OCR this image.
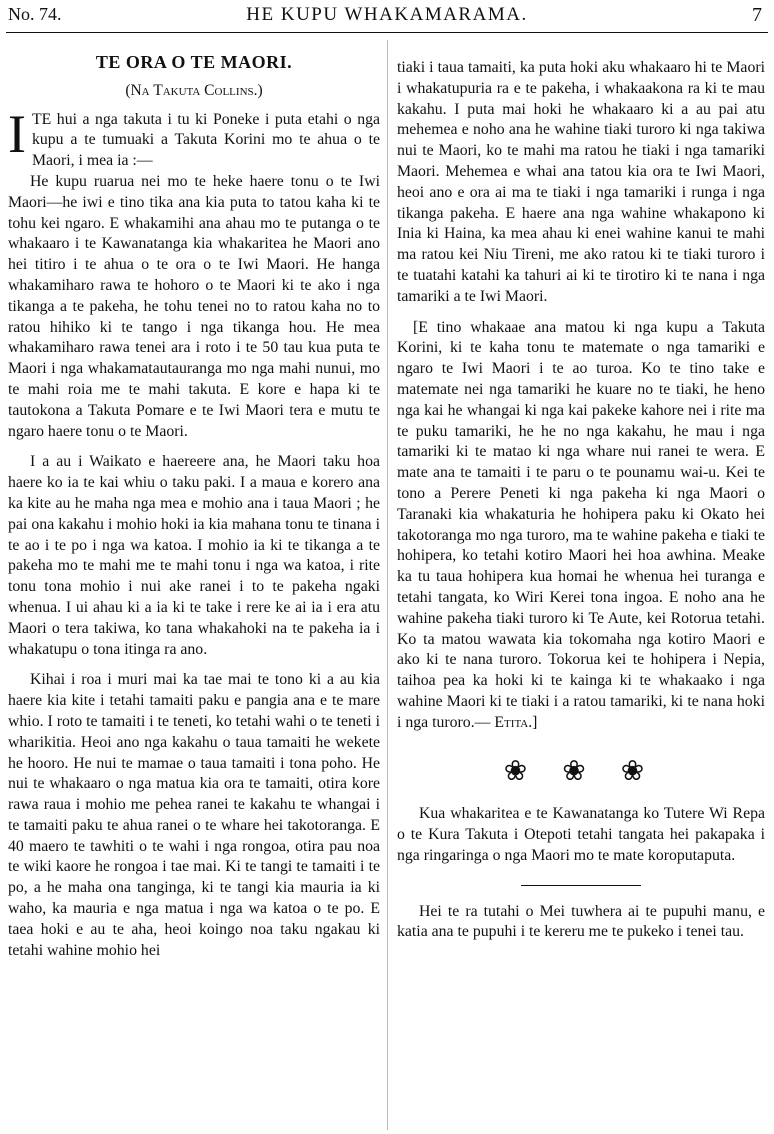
No. 74.	HE KUPU WHAKAMARAMA.	7
TE ORA O TE MAORI.
(Na Takuta Collins.)

ITE hui a nga takuta i tu ki Poneke i puta etahi o nga kupu a te tumuaki a Takuta Korini mo te ahua o te Maori, i mea ia :—

He kupu ruarua nei mo te heke haere tonu o te Iwi Maori—he iwi e tino tika ana kia puta to tatou kaha ki te tohu kei ngaro. E whakamihi ana ahau mo te putanga o te whakaaro i te Kawanatanga kia whakaritea he Maori ano hei titiro i te ahua o te ora o te Iwi Maori. He hanga whakamiharo rawa te hohoro o te Maori ki te ako i nga tikanga a te pakeha, he tohu tenei no to ratou kaha no to ratou hihiko ki te tango i nga tikanga hou. He mea whakamiharo rawa tenei ara i roto i te 50 tau kua puta te Maori i nga whakamatautauranga mo nga mahi nunui, mo te mahi roia me te mahi takuta. E kore e hapa ki te tautokona a Takuta Pomare e te Iwi Maori tera e mutu te ngaro haere tonu o te Maori.

I a au i Waikato e haereere ana, he Maori taku hoa haere ko ia te kai whiu o taku paki. I a maua e korero ana ka kite au he maha nga mea e mohio ana i taua Maori ; he pai ona kakahu i mohio hoki ia kia mahana tonu te tinana i te ao i te po i nga wa katoa. I mohio ia ki te tikanga a te pakeha mo te mahi me te mahi tonu i nga wa katoa, i rite tonu tona mohio i nui ake ranei i to te pakeha ngaki whenua. I ui ahau ki a ia ki te take i rere ke ai ia i era atu Maori o tera takiwa, ko tana whakahoki na te pakeha ia i whakatupu o tona itinga ra ano.

Kihai i roa i muri mai ka tae mai te tono ki a au kia haere kia kite i tetahi tamaiti paku e pangia ana e te mare whio. I roto te tamaiti i te teneti, ko tetahi wahi o te teneti i wharikitia. Heoi ano nga kakahu o taua tamaiti he wekete he hooro. He nui te mamae o taua tamaiti i tona poho. He nui te whakaaro o nga matua kia ora te tamaiti, otira kore rawa raua i mohio me pehea ranei te kakahu te whangai i te tamaiti paku te ahua ranei o te whare hei takotoranga. E 40 maero te tawhiti o te wahi i nga rongoa, otira pau noa te wiki kaore he rongoa i tae mai. Ki te tangi te tamaiti i te po, a he maha ona tanginga, ki te tangi kia mauria ia ki waho, ka mauria e nga matua i nga wa katoa o te po. E taea hoki e au te aha, heoi koingo noa taku ngakau ki tetahi wahine mohio hei

tiaki i taua tamaiti, ka puta hoki aku whakaaro hi te Maori i whakatupuria ra e te pakeha, i whakaakona ra ki te mau kakahu. I puta mai hoki he whakaaro ki a au pai atu mehemea e noho ana he wahine tiaki turoro ki nga takiwa nui te Maori, ko te mahi ma ratou he tiaki i nga tamariki Maori. Mehemea e whai ana tatou kia ora te Iwi Maori, heoi ano e ora ai ma te tiaki i nga tamariki i runga i nga tikanga pakeha. E haere ana nga wahine whakapono ki Inia ki Haina, ka mea ahau ki enei wahine kanui te mahi ma ratou kei Niu Tireni, me ako ratou ki te tiaki turoro i te tuatahi katahi ka tahuri ai ki te tirotiro ki te nana i nga tamariki a te Iwi Maori.

[E tino whakaae ana matou ki nga kupu a Takuta Korini, ki te kaha tonu te matemate o nga tamariki e ngaro te Iwi Maori i te ao turoa. Ko te tino take e matemate nei nga tamariki he kuare no te tiaki, he heno nga kai he whangai ki nga kai pakeke kahore nei i rite ma te puku tamariki, he he no nga kakahu, he mau i nga tamariki ki te matao ki nga whare nui ranei te wera. E mate ana te tamaiti i te paru o te pounamu wai-u. Kei te tono a Perere Peneti ki nga pakeha ki nga Maori o Taranaki kia whakaturia he hohipera paku ki Okato hei takotoranga mo nga turoro, ma te wahine pakeha e tiaki te hohipera, ko tetahi kotiro Maori hei hoa awhina. Meake ka tu taua hohipera kua homai he whenua hei turanga e tetahi tangata, ko Wiri Kerei tona ingoa. E noho ana he wahine pakeha tiaki turoro ki Te Aute, kei Rotorua tetahi. Ko ta matou wawata kia tokomaha nga kotiro Maori e ako ki te nana turoro. Tokorua kei te hohipera i Nepia, taihoa pea ka hoki ki te kainga ki te whakaako i nga wahine Maori ki te tiaki i a ratou tamariki, ki te nana hoki i nga turoro.— Etita.]

❀ ❀ ❀

Kua whakaritea e te Kawanatanga ko Tutere Wi Repa o te Kura Takuta i Otepoti tetahi tangata hei pakapaka i nga ringaringa o nga Maori mo te mate koroputaputa.

Hei te ra tutahi o Mei tuwhera ai te pupuhi manu, e katia ana te pupuhi i te kereru me te pukeko i tenei tau.
